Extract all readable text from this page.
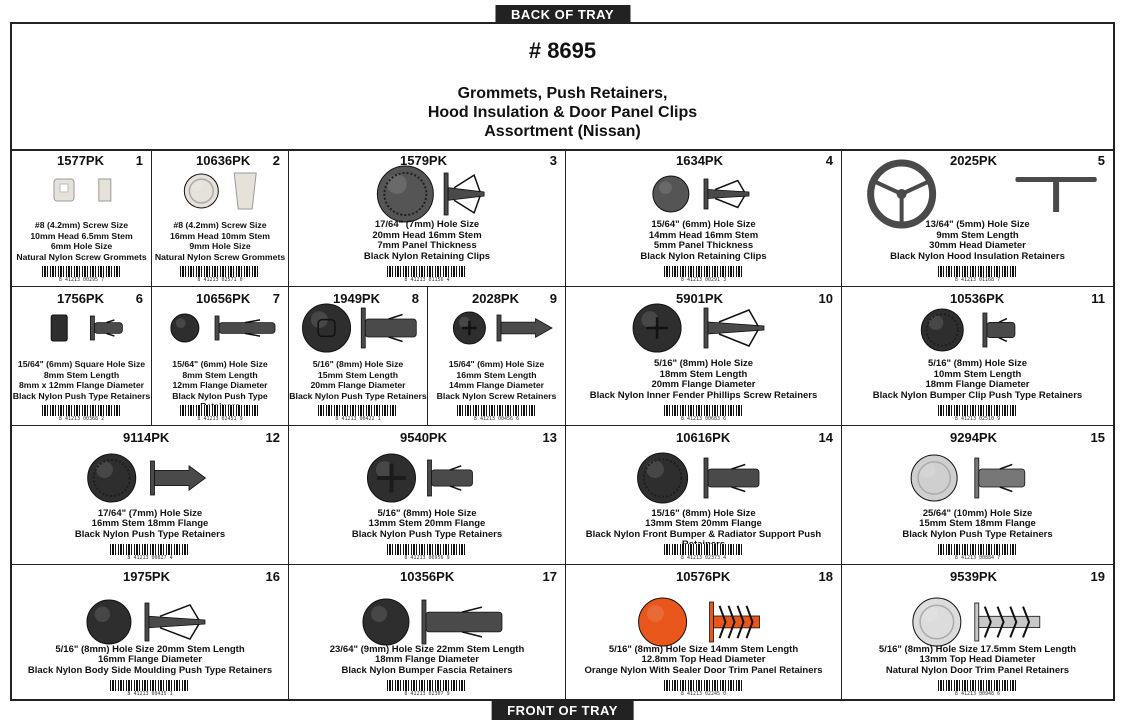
BACK OF TRAY
# 8695
Grommets, Push Retainers,
Hood Insulation & Door Panel Clips
Assortment (Nissan)
1577PK 1
#8 (4.2mm) Screw Size
10mm Head 6.5mm Stem
6mm Hole Size
Natural Nylon Screw Grommets
8 41213 00295 7
10636PK 2
#8 (4.2mm) Screw Size
16mm Head 10mm Stem
9mm Hole Size
Natural Nylon Screw Grommets
8 41213 02571 0
1579PK	3
17/64" (7mm) Hole Size
20mm Head 16mm Stem
7mm Panel Thickness
Black Nylon Retaining Clips
8 41213 01156 4
1634PK	4
15/64" (6mm) Hole Size
14mm Head 16mm Stem
5mm Panel Thickness
Black Nylon Retaining Clips
8 41213 00291 3
2025PK	5
13/64" (5mm) Hole Size
9mm Stem Length
30mm Head Diameter
Black Nylon Hood Insulation Retainers
8 41213 01168 7
1756PK 6
15/64" (6mm) Square Hole Size
8mm Stem Length
8mm x 12mm Flange Diameter
Black Nylon Push Type Retainers
8 41213 00368 2
10656PK 7
15/64" (6mm) Hole Size
8mm Stem Length
12mm Flange Diameter
Black Nylon Push Type
8 41213 02451 9
1949PK 8
5/16" (8mm) Hole Size
15mm Stem Length
20mm Flange Diameter
Black Nylon Push Type Retainers
8 41213 00422 1
2028PK 9
15/64" (6mm) Hole Size
16mm Stem Length
14mm Flange Diameter
Black Nylon Screw Retainers
8 41213 00456 6
5901PK	10
5/16" (8mm) Hole Size
18mm Stem Length
20mm Flange Diameter
Black Nylon Inner Fender Phillips Screw Retainers
8 41213 00683 6
10536PK	11
5/16" (8mm) Hole Size
10mm Stem Length
18mm Flange Diameter
Black Nylon Bumper Clip Push Type Retainers
8 41213 02510 9
9114PK	12
17/64" (7mm) Hole Size
16mm Stem 18mm Flange
Black Nylon Push Type Retainers
8 41213 00827 4
9540PK	13
5/16" (8mm) Hole Size
13mm Stem 20mm Flange
Black Nylon Push Type Retainers
8 41213 00956 9
10616PK	14
15/16" (8mm) Hole Size
13mm Stem 20mm Flange
Black Nylon Front Bumper & Radiator Support Push
8 41213 02373 4
9294PK	15
25/64" (10mm) Hole Size
15mm Stem 18mm Flange
Black Nylon Push Type Retainers
8 41213 00884 7
1975PK	16
5/16" (8mm) Hole Size 20mm Stem Length
16mm Flange Diameter
Black Nylon Body Side Moulding Push Type Retainers
8 41213 00435 1
10356PK	17
23/64" (9mm) Hole Size 22mm Stem Length
18mm Flange Diameter
Black Nylon Bumper Fascia Retainers
8 41213 02307 9
10576PK	18
5/16" (8mm) Hole Size 14mm Stem Length
12.8mm Top Head Diameter
Orange Nylon With Sealer Door Trim Panel Retainers
8 41213 02245 0
9539PK	19
5/16" (8mm) Hole Size 17.5mm Stem Length
13mm Top Head Diameter
Natural Nylon Door Trim Panel Retainers
8 41213 00948 6
FRONT OF TRAY
